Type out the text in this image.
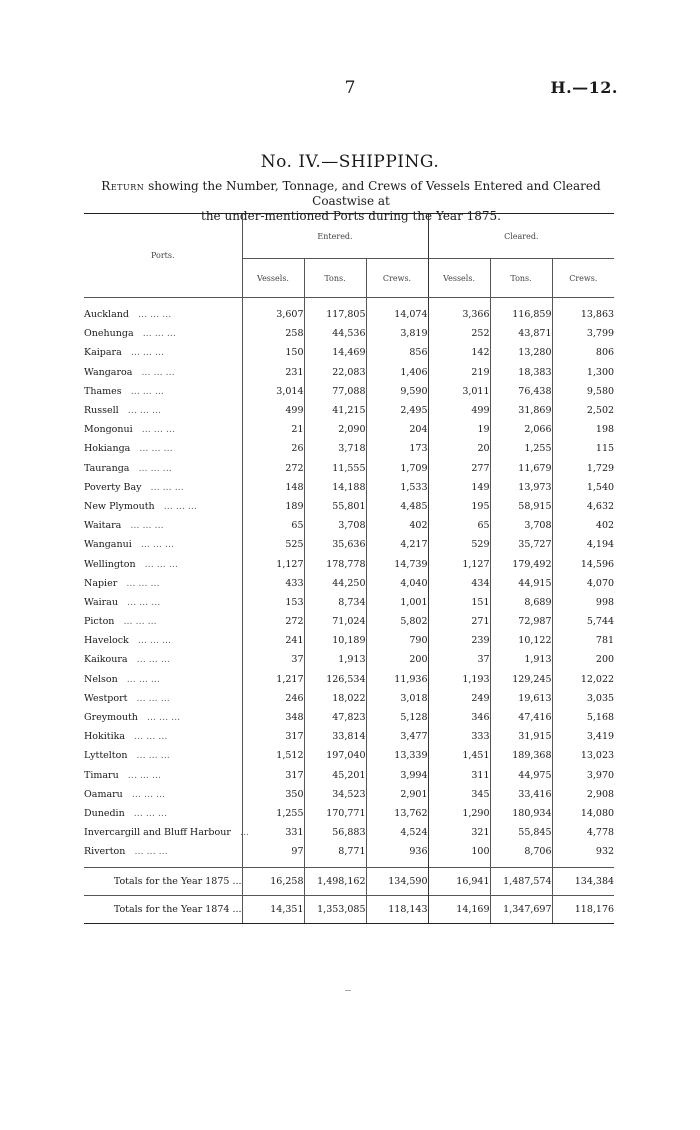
7	H.—12.
No. IV.—SHIPPING.
Return showing the Number, Tonnage, and Crews of Vessels Entered and Cleared Coastwise at
the under-mentioned Ports during the Year 1875.
Ports.	Entered.			Cleared.		
	Vessels.	Tons.	Crews.	Vessels.	Tons.	Crews.

Auckland ... ... ...	3,607	117,805	14,074	3,366	116,859	13,863
Onehunga ... ... ...	258	44,536	3,819	252	43,871	3,799
Kaipara ... ... ...	150	14,469	856	142	13,280	806
Wangaroa ... ... ...	231	22,083	1,406	219	18,383	1,300
Thames ... ... ...	3,014	77,088	9,590	3,011	76,438	9,580
Russell ... ... ...	499	41,215	2,495	499	31,869	2,502
Mongonui ... ... ...	21	2,090	204	19	2,066	198
Hokianga ... ... ...	26	3,718	173	20	1,255	115
Tauranga ... ... ...	272	11,555	1,709	277	11,679	1,729
Poverty Bay ... ... ...	148	14,188	1,533	149	13,973	1,540
New Plymouth ... ... ...	189	55,801	4,485	195	58,915	4,632
Waitara ... ... ...	65	3,708	402	65	3,708	402
Wanganui ... ... ...	525	35,636	4,217	529	35,727	4,194
Wellington ... ... ...	1,127	178,778	14,739	1,127	179,492	14,596
Napier ... ... ...	433	44,250	4,040	434	44,915	4,070
Wairau ... ... ...	153	8,734	1,001	151	8,689	998
Picton ... ... ...	272	71,024	5,802	271	72,987	5,744
Havelock ... ... ...	241	10,189	790	239	10,122	781
Kaikoura ... ... ...	37	1,913	200	37	1,913	200
Nelson ... ... ...	1,217	126,534	11,936	1,193	129,245	12,022
Westport ... ... ...	246	18,022	3,018	249	19,613	3,035
Greymouth ... ... ...	348	47,823	5,128	346	47,416	5,168
Hokitika ... ... ...	317	33,814	3,477	333	31,915	3,419
Lyttelton ... ... ...	1,512	197,040	13,339	1,451	189,368	13,023
Timaru ... ... ...	317	45,201	3,994	311	44,975	3,970
Oamaru ... ... ...	350	34,523	2,901	345	33,416	2,908
Dunedin ... ... ...	1,255	170,771	13,762	1,290	180,934	14,080
Invercargill and Bluff Harbour ...	331	56,883	4,524	321	55,845	4,778
Riverton ... ... ...	97	8,771	936	100	8,706	932

Totals for the Year 1875 ...	16,258	1,498,162	134,590	16,941	1,487,574	134,384
Totals for the Year 1874 ...	14,351	1,353,085	118,143	14,169	1,347,697	118,176
